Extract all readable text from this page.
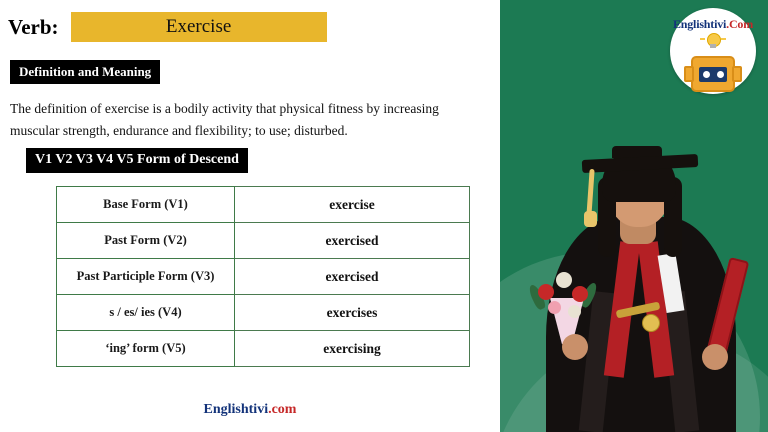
Englishtivi.Com
Verb:	Exercise
Definition and Meaning
The definition of exercise is a bodily activity that physical fitness by increasing muscular strength, endurance and flexibility; to use; disturbed.
V1 V2 V3 V4 V5 Form of Descend
Base Form (V1)	exercise
Past Form (V2)	exercised
Past Participle Form (V3)	exercised
s / es/ ies (V4)	exercises
‘ing’ form (V5)	exercising
Englishtivi.com
